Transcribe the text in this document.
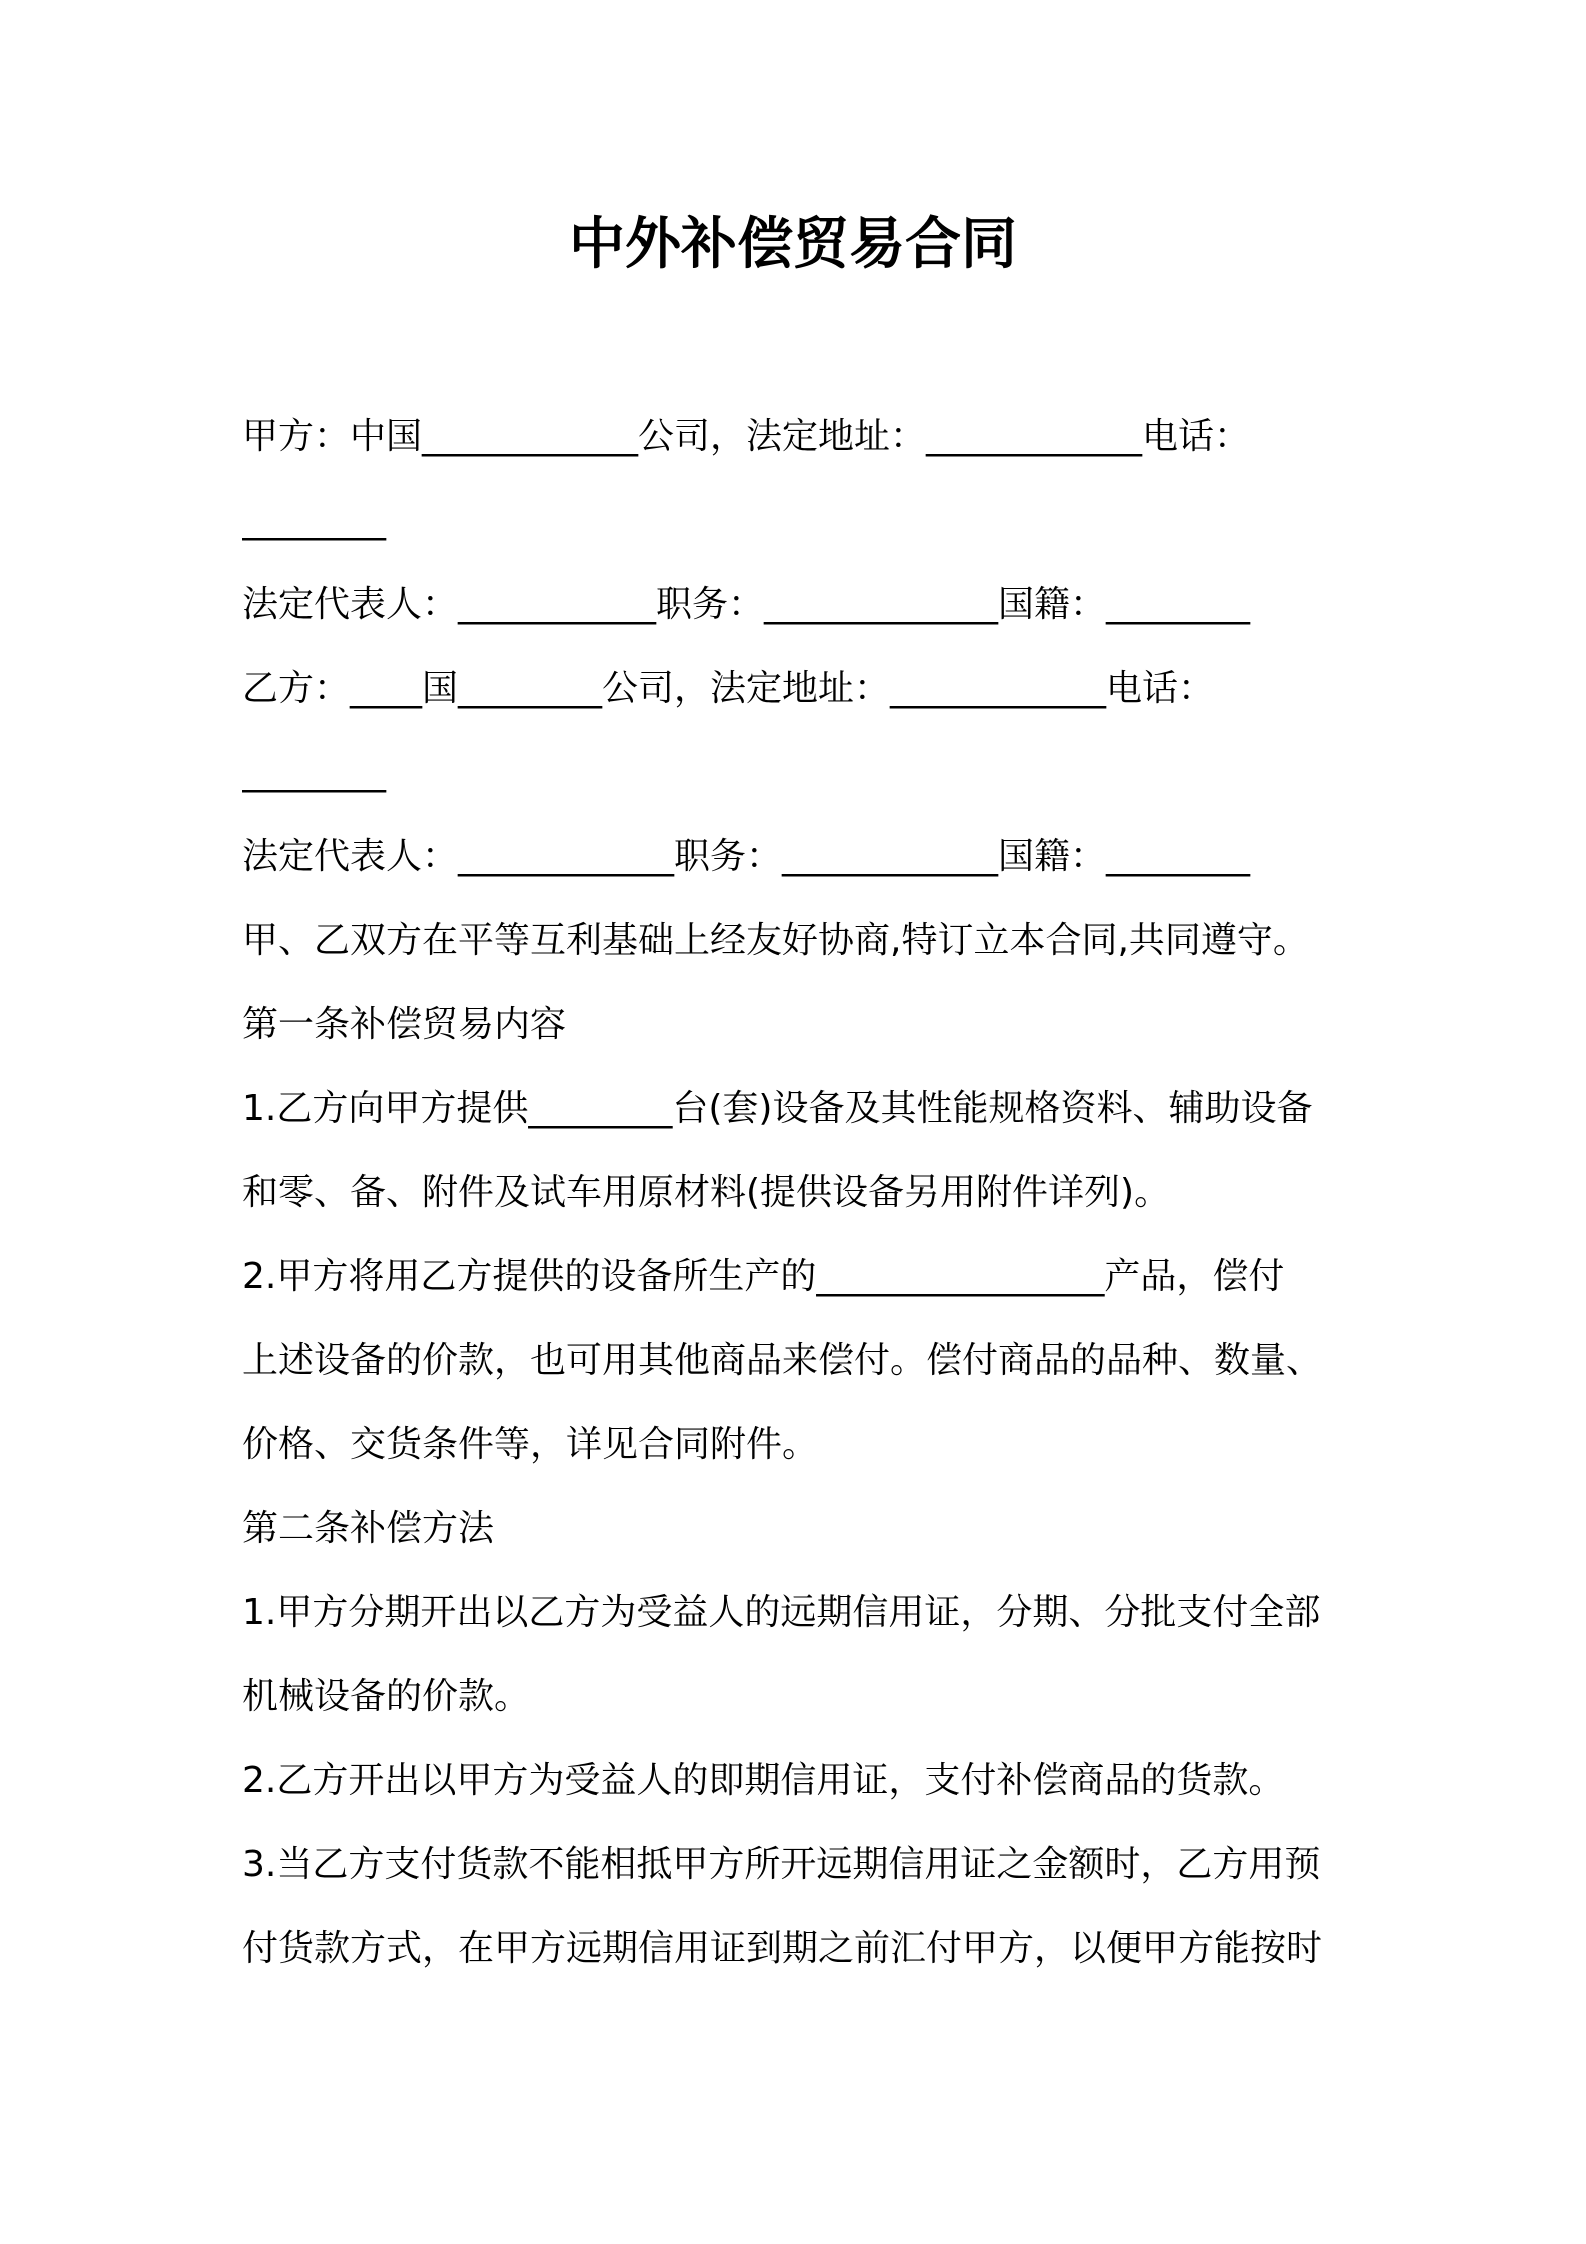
中外补偿贸易合同

甲方：中国____________公司，法定地址：____________电话：

________

法定代表人：___________职务：_____________国籍：________

乙方：____国________公司，法定地址：____________电话：

________

法定代表人：____________职务：____________国籍：________

甲、乙双方在平等互利基础上经友好协商,特订立本合同,共同遵守。

第一条补偿贸易内容

1.乙方向甲方提供________台(套)设备及其性能规格资料、辅助设备

和零、备、附件及试车用原材料(提供设备另用附件详列)。

2.甲方将用乙方提供的设备所生产的________________产品，偿付

上述设备的价款，也可用其他商品来偿付。偿付商品的品种、数量、

价格、交货条件等，详见合同附件。

第二条补偿方法

1.甲方分期开出以乙方为受益人的远期信用证，分期、分批支付全部

机械设备的价款。

2.乙方开出以甲方为受益人的即期信用证，支付补偿商品的货款。

3.当乙方支付货款不能相抵甲方所开远期信用证之金额时，乙方用预

付货款方式，在甲方远期信用证到期之前汇付甲方，以便甲方能按时
